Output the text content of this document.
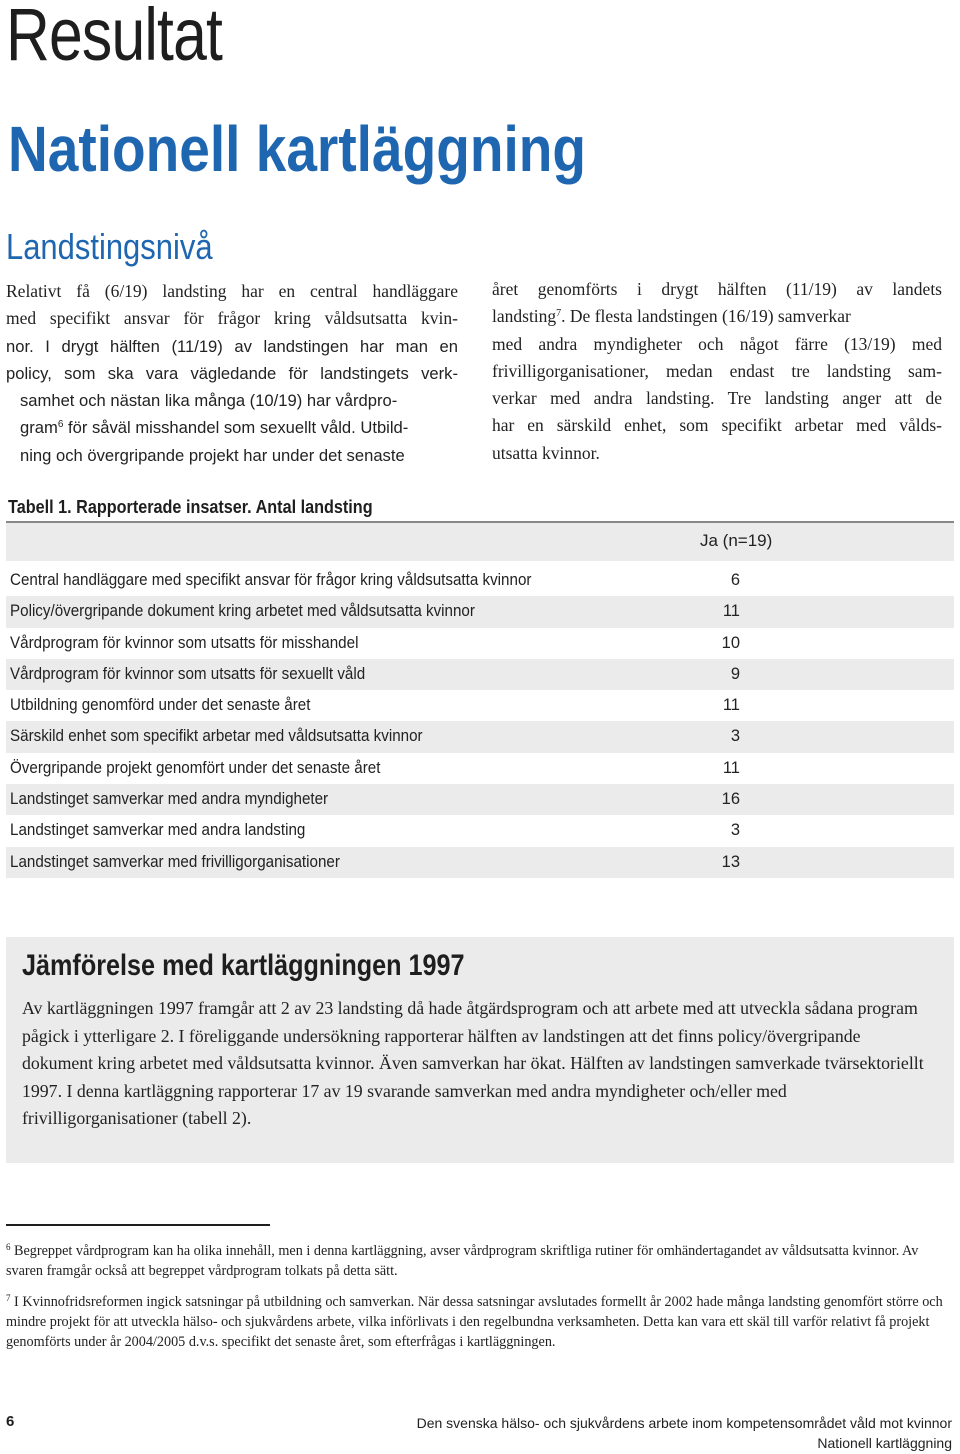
Resultat
Nationell kartläggning
Landstingsnivå
Relativt få (6/19) landsting har en central handläggare
med specifikt ansvar för frågor kring våldsutsatta kvin-
nor. I drygt hälften (11/19) av landstingen har man en
policy, som ska vara vägledande för landstingets verk-
samhet och nästan lika många (10/19) har vårdpro-
gram$^6$ för såväl misshandel som sexuellt våld. Utbild-
ning och övergripande projekt har under det senaste
året genomförts i drygt hälften (11/19) av landets
landsting$^7$. De flesta landstingen (16/19) samverkar
med andra myndigheter och något färre (13/19) med
frivilligorganisationer, medan endast tre landsting sam-
verkar med andra landsting. Tre landsting anger att de
har en särskild enhet, som specifikt arbetar med vålds-
utsatta kvinnor.
Tabell 1. Rapporterade insatser. Antal landsting
Ja (n=19)
Central handläggare med specifikt ansvar för frågor kring våldsutsatta kvinnor	6
Policy/övergripande dokument kring arbetet med våldsutsatta kvinnor	11
Vårdprogram för kvinnor som utsatts för misshandel	10
Vårdprogram för kvinnor som utsatts för sexuellt våld	9
Utbildning genomförd under det senaste året	11
Särskild enhet som specifikt arbetar med våldsutsatta kvinnor	3
Övergripande projekt genomfört under det senaste året	11
Landstinget samverkar med andra myndigheter	16
Landstinget samverkar med andra landsting	3
Landstinget samverkar med frivilligorganisationer	13
Jämförelse med kartläggningen 1997
Av kartläggningen 1997 framgår att 2 av 23 landsting då hade åtgärdsprogram och att arbete med att utveckla sådana program pågick i ytterligare 2. I föreliggande undersökning rapporterar hälften av landstingen att det finns policy/övergripande dokument kring arbetet med våldsutsatta kvinnor. Även samverkan har ökat. Hälften av landstingen samverkade tvärsektoriellt 1997. I denna kartläggning rapporterar 17 av 19 svarande samverkan med andra myndigheter och/eller med frivilligorganisationer (tabell 2).
$^6$ Begreppet vårdprogram kan ha olika innehåll, men i denna kartläggning, avser vårdprogram skriftliga rutiner för omhändertagandet av våldsutsatta kvinnor. Av svaren framgår också att begreppet vårdprogram tolkats på detta sätt.
$^7$ I Kvinnofridsreformen ingick satsningar på utbildning och samverkan. När dessa satsningar avslutades formellt år 2002 hade många landsting genomfört större och mindre projekt för att utveckla hälso- och sjukvårdens arbete, vilka införlivats i den regelbundna verksamheten. Detta kan vara ett skäl till varför relativt få projekt genomförts under år 2004/2005 d.v.s. specifikt det senaste året, som efterfrågas i kartläggningen.
6	Den svenska hälso- och sjukvårdens arbete inom kompetensområdet våld mot kvinnor
Nationell kartläggning
